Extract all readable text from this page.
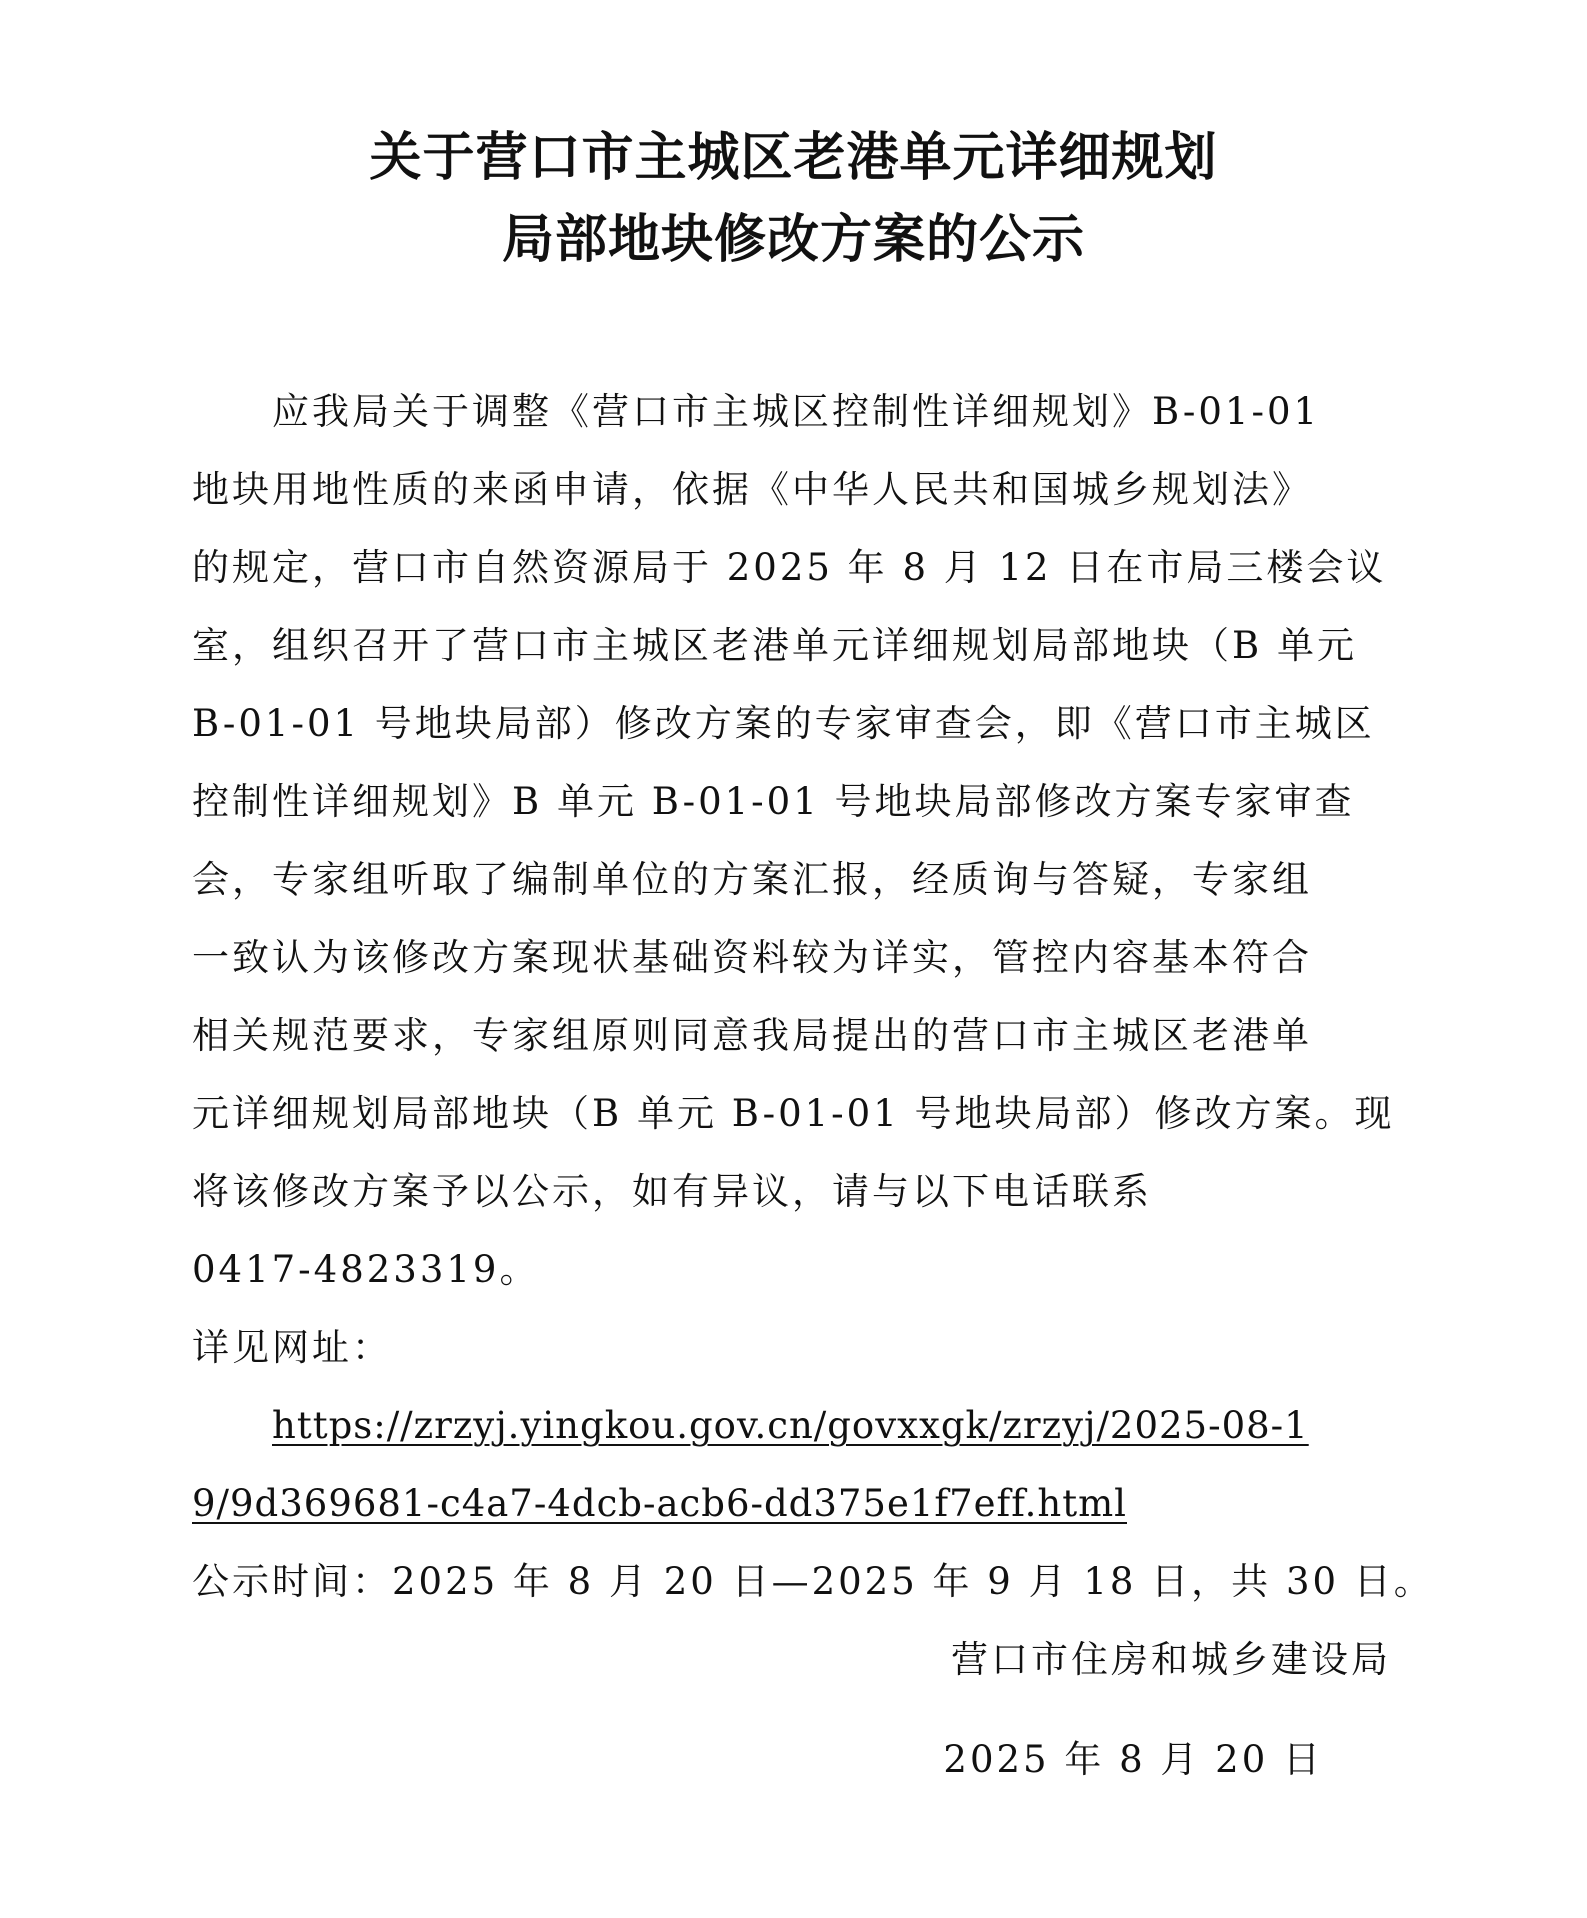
关于营口市主城区老港单元详细规划
局部地块修改方案的公示
应我局关于调整《营口市主城区控制性详细规划》B-01-01
地块用地性质的来函申请，依据《中华人民共和国城乡规划法》
的规定，营口市自然资源局于 2025 年 8 月 12 日在市局三楼会议
室，组织召开了营口市主城区老港单元详细规划局部地块（B 单元
B-01-01 号地块局部）修改方案的专家审查会，即《营口市主城区
控制性详细规划》B 单元 B-01-01 号地块局部修改方案专家审查
会，专家组听取了编制单位的方案汇报，经质询与答疑，专家组
一致认为该修改方案现状基础资料较为详实，管控内容基本符合
相关规范要求，专家组原则同意我局提出的营口市主城区老港单
元详细规划局部地块（B 单元 B-01-01 号地块局部）修改方案。现
将该修改方案予以公示，如有异议，请与以下电话联系
0417-4823319。
详见网址：
https://zrzyj.yingkou.gov.cn/govxxgk/zrzyj/2025-08-1
9/9d369681-c4a7-4dcb-acb6-dd375e1f7eff.html
公示时间：2025 年 8 月 20 日—2025 年 9 月 18 日，共 30 日。
营口市住房和城乡建设局
2025 年 8 月 20 日
